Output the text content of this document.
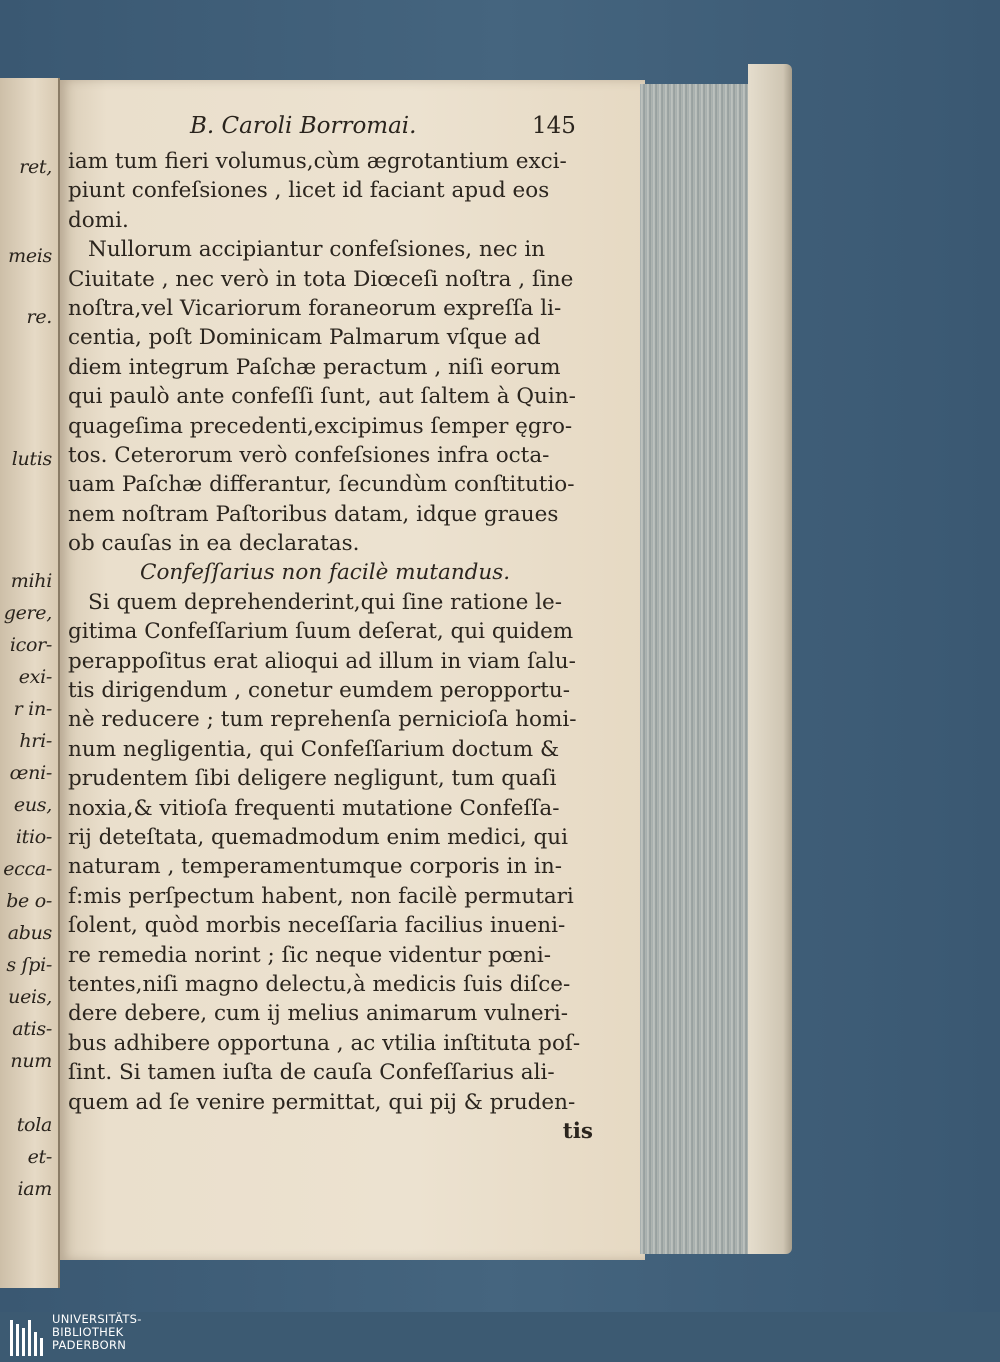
ret,
meis
re.
lutis
mihi
gere,
icor-
exi-
r in-
hri-
œni-
eus,
itio-
ecca-
be o-
abus
s ſpi-
ueis,
atis-
num
tola
et-
iam
B. Caroli Borromai.	145
iam tum fieri volumus,cùm ægrotantium exci-
piunt confeſsiones , licet id faciant apud eos
domi.
Nullorum accipiantur confeſsiones, nec in
Ciuitate , nec verò in tota Diœceſi noſtra , ſine
noſtra,vel Vicariorum foraneorum expreſſa li-
centia, poſt Dominicam Palmarum vſque ad
diem integrum Paſchæ peractum , niſi eorum
qui paulò ante confeſſi ſunt, aut ſaltem à Quin-
quageſima precedenti,excipimus ſemper ęgro-
tos. Ceterorum verò confeſsiones infra octa-
uam Paſchæ differantur, ſecundùm conſtitutio-
nem noſtram Paſtoribus datam, idque graues
ob cauſas in ea declaratas.
Confeſſarius non facilè mutandus.
Si quem deprehenderint,qui ſine ratione le-
gitima Confeſſarium ſuum deſerat, qui quidem
perappoſitus erat alioqui ad illum in viam ſalu-
tis dirigendum , conetur eumdem peropportu-
nè reducere ; tum reprehenſa pernicioſa homi-
num negligentia, qui Confeſſarium doctum &
prudentem ſibi deligere negligunt, tum quaſi
noxia,& vitioſa frequenti mutatione Confeſſa-
rij deteſtata, quemadmodum enim medici, qui
naturam , temperamentumque corporis in in-
f:mis perſpectum habent, non facilè permutari
ſolent, quòd morbis neceſſaria facilius inueni-
re remedia norint ; ſic neque videntur pœni-
tentes,niſi magno delectu,à medicis ſuis diſce-
dere debere, cum ij melius animarum vulneri-
bus adhibere opportuna , ac vtilia inſtituta poſ-
ſint. Si tamen iuſta de cauſa Confeſſarius ali-
quem ad ſe venire permittat, qui pij & pruden-
tis
UNIVERSITÄTS-
BIBLIOTHEK
PADERBORN
